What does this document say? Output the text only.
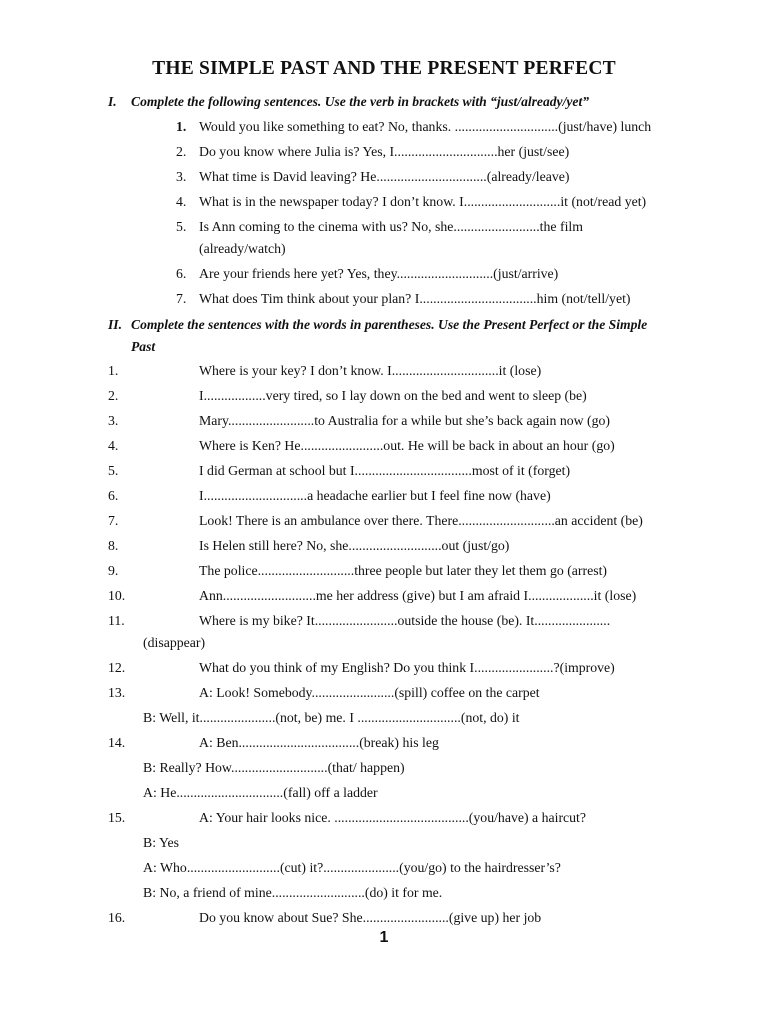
THE SIMPLE PAST AND THE PRESENT PERFECT
I. Complete the following sentences. Use the verb in brackets with “just/already/yet”
1. Would you like something to eat? No, thanks. ..............................(just/have) lunch
2. Do you know where Julia is? Yes, I..............................her (just/see)
3. What time is David leaving? He................................(already/leave)
4. What is in the newspaper today? I don’t know. I............................it (not/read yet)
5. Is Ann coming to the cinema with us? No, she.........................the film
(already/watch)
6. Are your friends here yet? Yes, they............................(just/arrive)
7. What does Tim think about your plan? I..................................him (not/tell/yet)
II. Complete the sentences with the words in parentheses. Use the Present Perfect or the Simple
Past
1.	Where is your key? I don’t know. I...............................it (lose)
2.	I..................very tired, so I lay down on the bed and went to sleep (be)
3.	Mary.........................to Australia for a while but she’s back again now (go)
4.	Where is Ken? He........................out. He will be back in about an hour (go)
5.	I did German at school but I..................................most of it (forget)
6.	I..............................a headache earlier but I feel fine now (have)
7.	Look! There is an ambulance over there. There............................an accident (be)
8.	Is Helen still here? No, she...........................out (just/go)
9.	The police............................three people but later they let them go (arrest)
10.	Ann...........................me her address (give) but I am afraid I...................it (lose)
11.	Where is my bike? It........................outside the house (be). It......................
(disappear)
12.	What do you think of my English? Do you think I.......................?(improve)
13.	A: Look! Somebody........................(spill) coffee on the carpet
B: Well, it......................(not, be) me. I ..............................(not, do) it
14.	A: Ben...................................(break) his leg
B: Really? How............................(that/ happen)
A: He...............................(fall) off a ladder
15.	A: Your hair looks nice. .......................................(you/have) a haircut?
B: Yes
A: Who...........................(cut) it?......................(you/go) to the hairdresser’s?
B: No, a friend of mine...........................(do) it for me.
16.	Do you know about Sue? She.........................(give up) her job
1
